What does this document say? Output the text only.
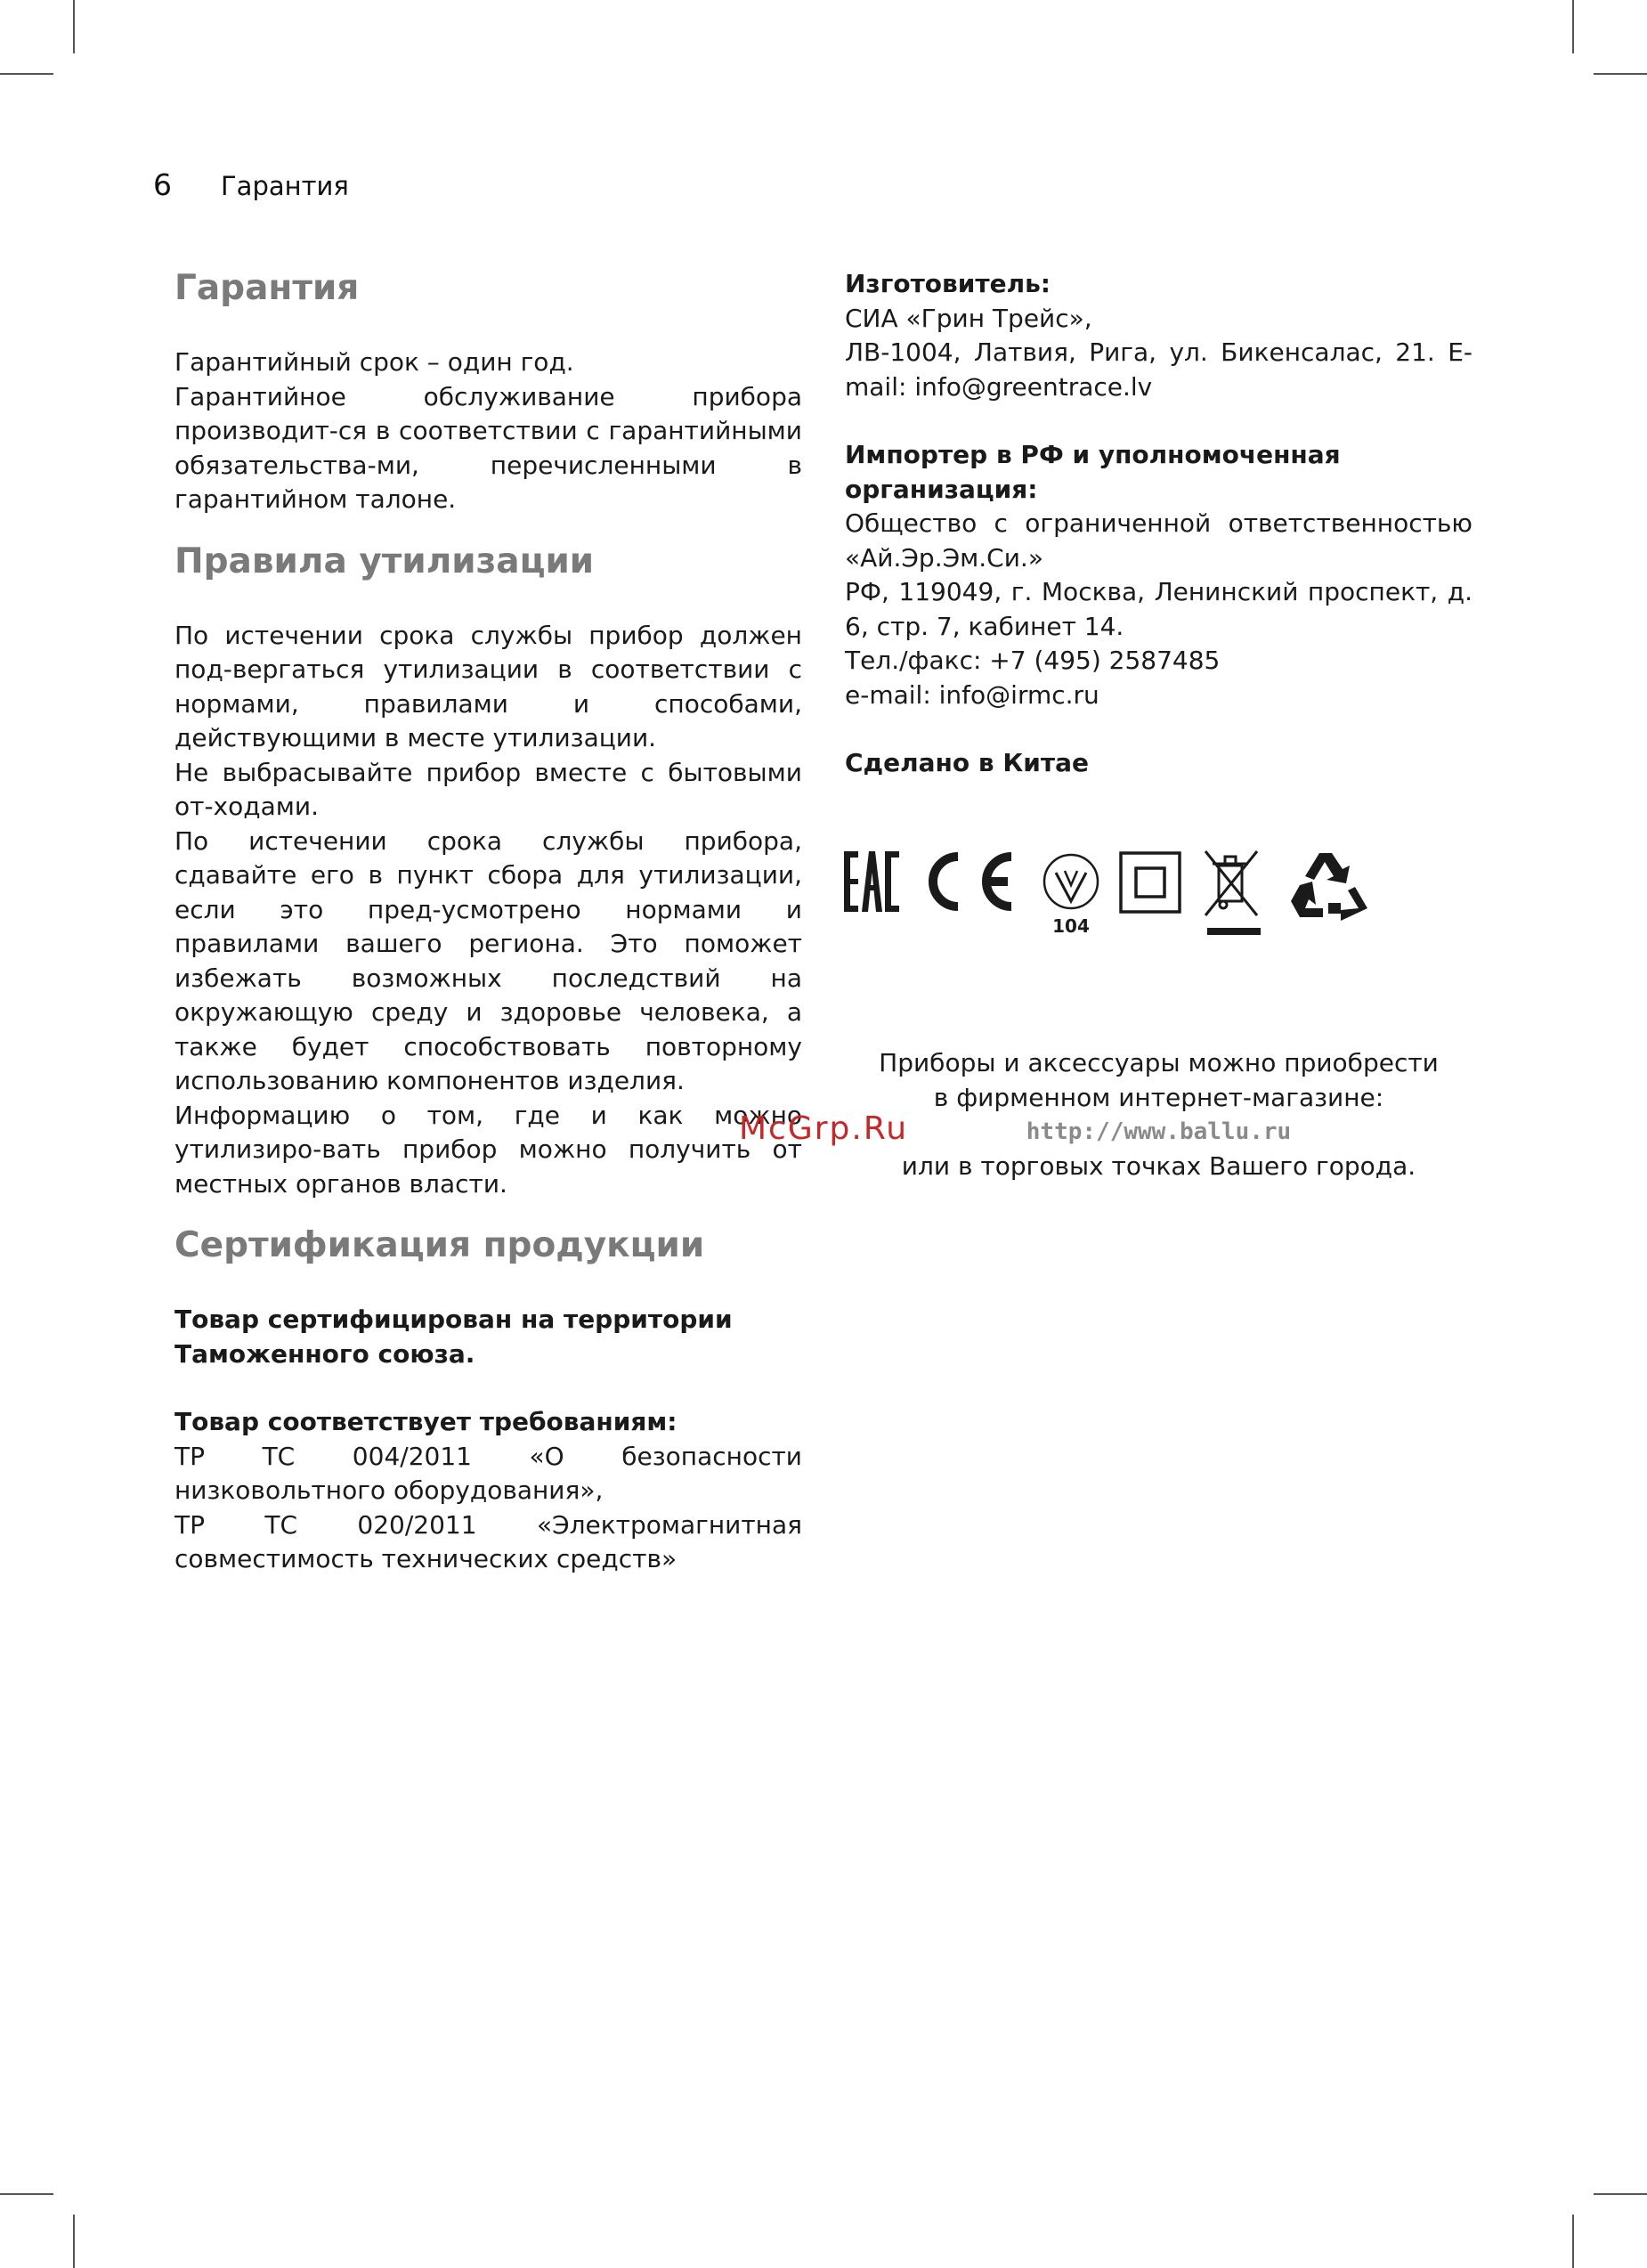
6 Гарантия

Гарантия

Гарантийный срок – один год.

Гарантийное обслуживание прибора производит-ся в соответствии с гарантийными обязательства-ми, перечисленными в гарантийном талоне.

Правила утилизации

По истечении срока службы прибор должен под-вергаться утилизации в соответствии с нормами, правилами и способами, действующими в месте утилизации.

Не выбрасывайте прибор вместе с бытовыми от-ходами.

По истечении срока службы прибора, сдавайте его в пункт сбора для утилизации, если это пред-усмотрено нормами и правилами вашего региона. Это поможет избежать возможных последствий на окружающую среду и здоровье человека, а также будет способствовать повторному использованию компонентов изделия.

Информацию о том, где и как можно утилизиро-вать прибор можно получить от местных органов власти.

Сертификация продукции

Товар сертифицирован на территории Таможенного союза.

Товар соответствует требованиям:

ТР ТС 004/2011 «О безопасности низковольтного оборудования»,

ТР ТС 020/2011 «Электромагнитная совместимость технических средств»

Изготовитель:

СИА «Грин Трейс»,

ЛВ-1004, Латвия, Рига, ул. Бикенсалас, 21. E-mail: info@greentrace.lv

Импортер в РФ и уполномоченная организация:

Общество с ограниченной ответственностью «Ай.Эр.Эм.Си.»

РФ, 119049, г. Москва, Ленинский проспект, д. 6, стр. 7, кабинет 14.

Тел./факс: +7 (495) 2587485

e-mail: info@irmc.ru

Сделано в Китае

104
Приборы и аксессуары можно приобрести
в фирменном интернет-магазине:
http://www.ballu.ru
или в торговых точках Вашего города.
McGrp.Ru
